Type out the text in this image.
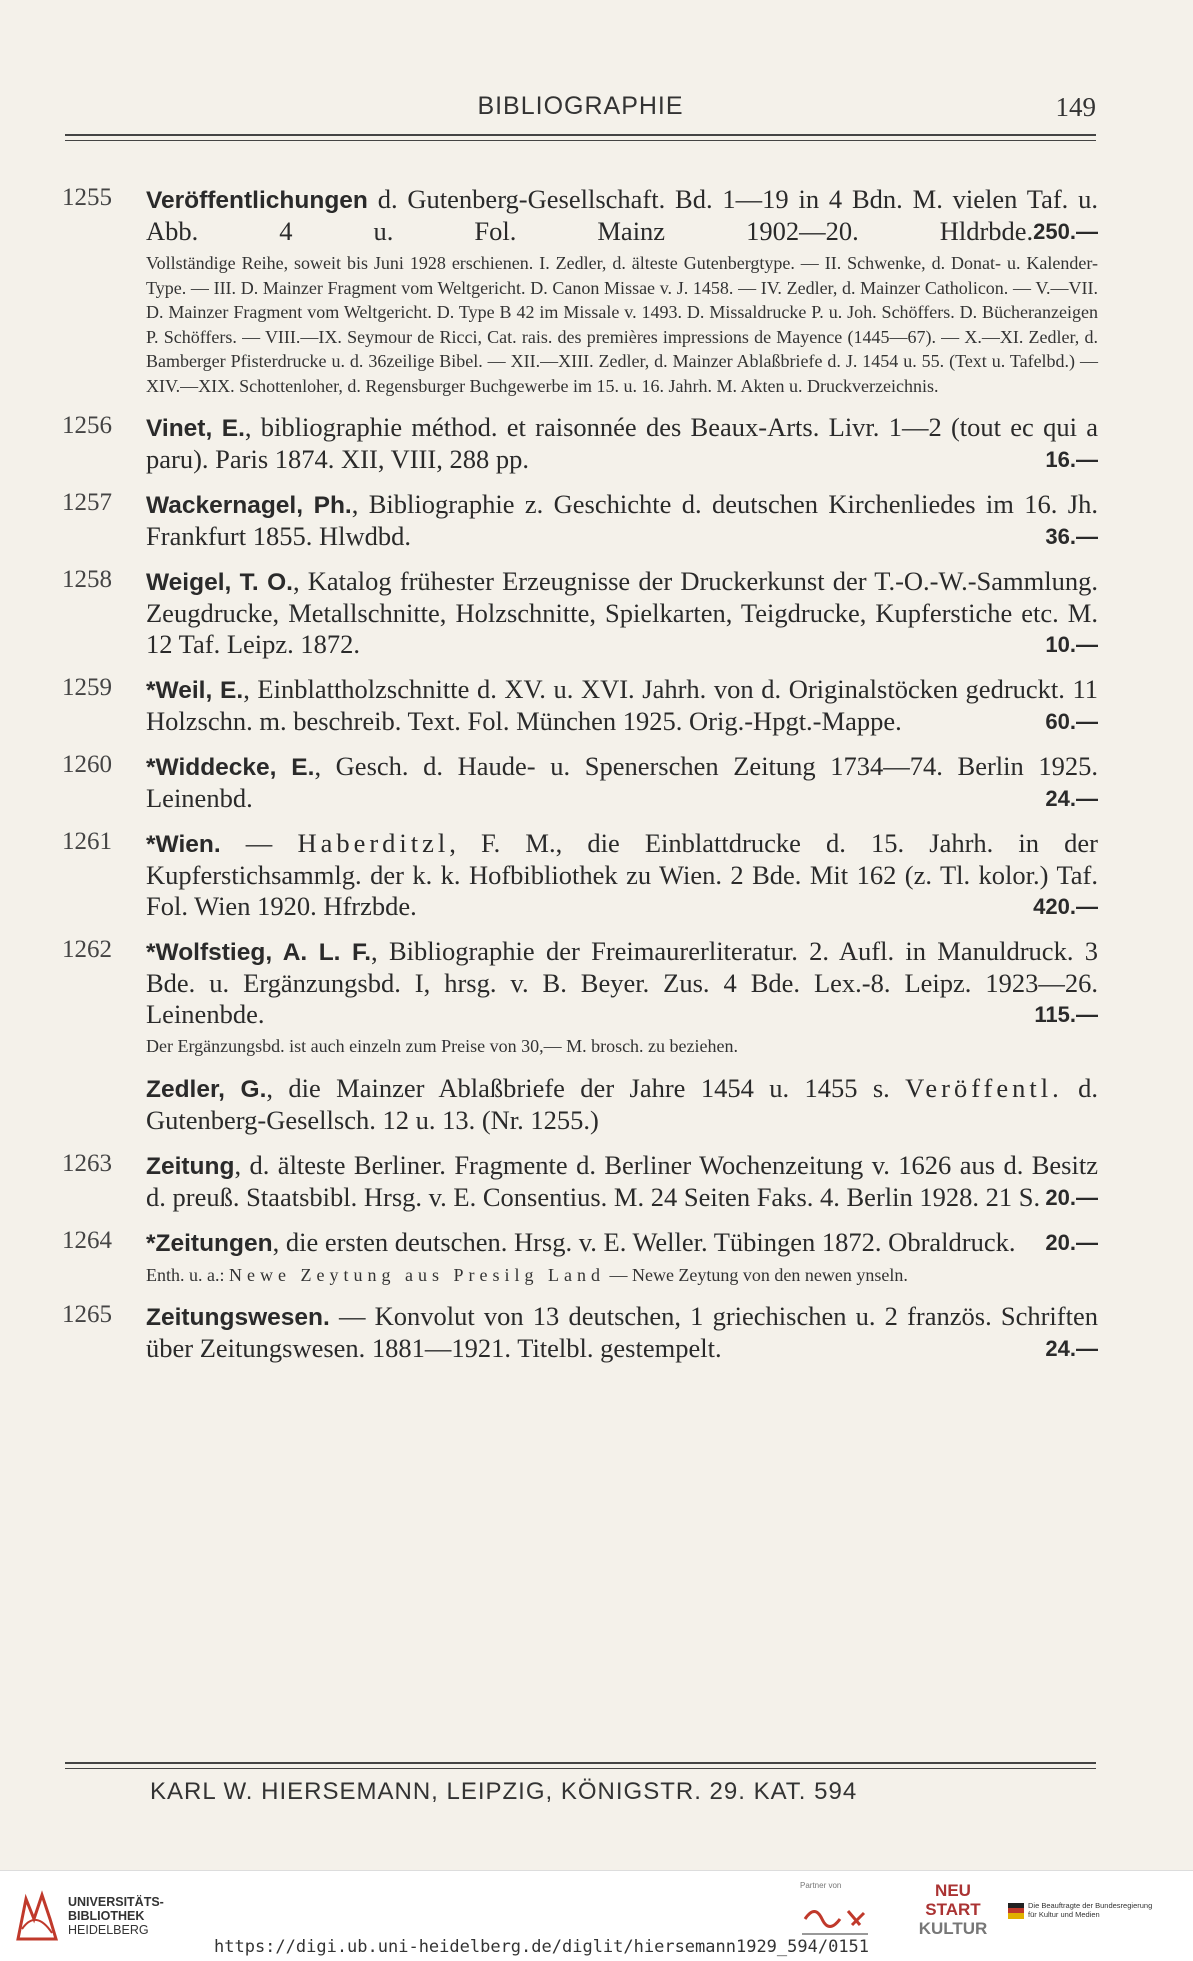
BIBLIOGRAPHIE	149
1255 Veröffentlichungen d. Gutenberg-Gesellschaft. Bd. 1—19 in 4 Bdn. M. vielen Taf. u. Abb. 4 u. Fol. Mainz 1902—20. Hldrbde. 250.—
Vollständige Reihe, soweit bis Juni 1928 erschienen. I. Zedler, d. älteste Gutenbergtype. — II. Schwenke, d. Donat- u. Kalender-Type. — III. D. Mainzer Fragment vom Weltgericht. D. Canon Missae v. J. 1458. — IV. Zedler, d. Mainzer Catholicon. — V.—VII. D. Mainzer Fragment vom Weltgericht. D. Type B 42 im Missale v. 1493. D. Missaldrucke P. u. Joh. Schöffers. D. Bücheranzeigen P. Schöffers. — VIII.—IX. Seymour de Ricci, Cat. rais. des premières impressions de Mayence (1445—67). — X.—XI. Zedler, d. Bamberger Pfisterdrucke u. d. 36zeilige Bibel. — XII.—XIII. Zedler, d. Mainzer Ablaßbriefe d. J. 1454 u. 55. (Text u. Tafelbd.) — XIV.—XIX. Schottenloher, d. Regensburger Buchgewerbe im 15. u. 16. Jahrh. M. Akten u. Druckverzeichnis.
1256 Vinet, E., bibliographie méthod. et raisonnée des Beaux-Arts. Livr. 1—2 (tout ec qui a paru). Paris 1874. XII, VIII, 288 pp.	16.—
1257 Wackernagel, Ph., Bibliographie z. Geschichte d. deutschen Kirchenliedes im 16. Jh. Frankfurt 1855. Hlwdbd.	36.—
1258 Weigel, T. O., Katalog frühester Erzeugnisse der Druckerkunst der T.-O.-W.-Sammlung. Zeugdrucke, Metallschnitte, Holzschnitte, Spielkarten, Teigdrucke, Kupferstiche etc. M. 12 Taf. Leipz. 1872.	10.—
1259 *Weil, E., Einblattholzschnitte d. XV. u. XVI. Jahrh. von d. Originalstöcken gedruckt. 11 Holzschn. m. beschreib. Text. Fol. München 1925. Orig.-Hpgt.-Mappe.	60.—
1260 *Widdecke, E., Gesch. d. Haude- u. Spenerschen Zeitung 1734—74. Berlin 1925. Leinenbd.	24.—
1261 *Wien. — Haberditzl, F. M., die Einblattdrucke d. 15. Jahrh. in der Kupferstichsammlg. der k. k. Hofbibliothek zu Wien. 2 Bde. Mit 162 (z. Tl. kolor.) Taf. Fol. Wien 1920. Hfrzbde.	420.—
1262 *Wolfstieg, A. L. F., Bibliographie der Freimaurerliteratur. 2. Aufl. in Manuldruck. 3 Bde. u. Ergänzungsbd. I, hrsg. v. B. Beyer. Zus. 4 Bde. Lex.-8. Leipz. 1923—26. Leinenbde.	115.—
Der Ergänzungsbd. ist auch einzeln zum Preise von 30,— M. brosch. zu beziehen.
Zedler, G., die Mainzer Ablaßbriefe der Jahre 1454 u. 1455 s. Veröffentl. d. Gutenberg-Gesellsch. 12 u. 13. (Nr. 1255.)
1263 Zeitung, d. älteste Berliner. Fragmente d. Berliner Wochenzeitung v. 1626 aus d. Besitz d. preuß. Staatsbibl. Hrsg. v. E. Consentius. M. 24 Seiten Faks. 4. Berlin 1928. 21 S. 20.—
1264 *Zeitungen, die ersten deutschen. Hrsg. v. E. Weller. Tübingen 1872. Obraldruck. 20.—
Enth. u. a.: Newe Zeytung aus Presilg Land — Newe Zeytung von den newen ynseln.
1265 Zeitungswesen. — Konvolut von 13 deutschen, 1 griechischen u. 2 französ. Schriften über Zeitungswesen. 1881—1921. Titelbl. gestempelt.	24.—
KARL W. HIERSEMANN, LEIPZIG, KÖNIGSTR. 29. KAT. 594
UNIVERSITÄTS-
BIBLIOTHEK
HEIDELBERG
Partner von	NEU
START
KULTUR
Die Beauftragte der Bundesregierung
für Kultur und Medien
https://digi.ub.uni-heidelberg.de/diglit/hiersemann1929_594/0151
